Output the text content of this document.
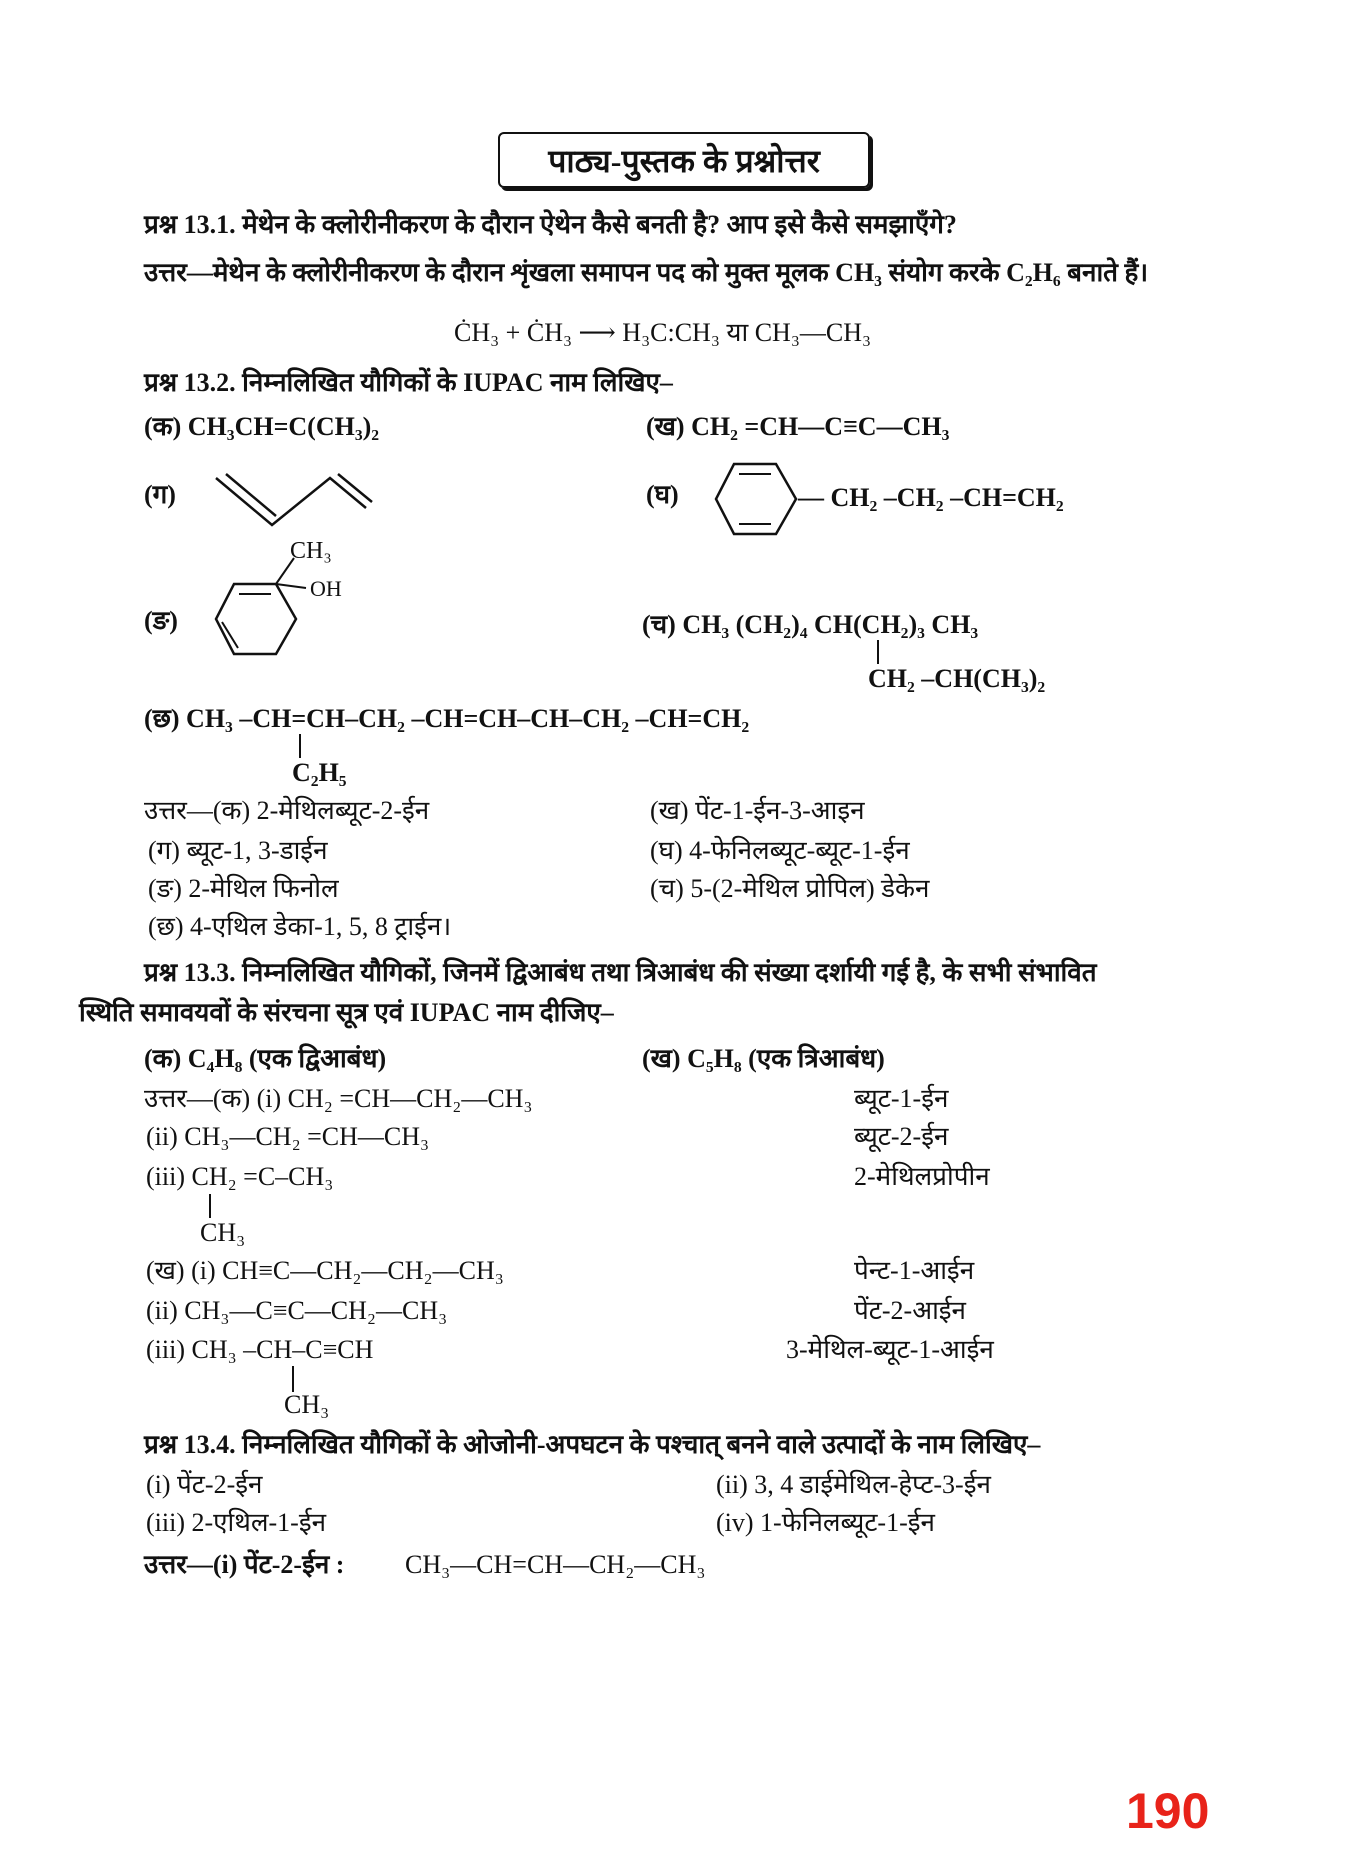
पाठ्य-पुस्तक के प्रश्नोत्तर
प्रश्न 13.1. मेथेन के क्लोरीनीकरण के दौरान ऐथेन कैसे बनती है? आप इसे कैसे समझाएँगे?
उत्तर—मेथेन के क्लोरीनीकरण के दौरान शृंखला समापन पद को मुक्त मूलक CH₃ संयोग करके C₂H₆ बनाते हैं।
ĊH₃ + ĊH₃ ⟶ H₃C:CH₃ या CH₃—CH₃
प्रश्न 13.2. निम्नलिखित यौगिकों के IUPAC नाम लिखिए–
(क) CH₃CH=C(CH₃)₂	(ख) CH₂ =CH—C≡C—CH₃
(ग)	(घ)	— CH₂ –CH₂ –CH=CH₂
(ङ)
CH₃
OH
(च) CH₃ (CH₂)₄ CH(CH₂)₃ CH₃
CH₂ –CH(CH₃)₂
(छ) CH₃ –CH=CH–CH₂ –CH=CH–CH–CH₂ –CH=CH₂
C₂H₅
उत्तर—(क) 2-मेथिलब्यूट-2-ईन	(ख) पेंट-1-ईन-3-आइन
(ग) ब्यूट-1, 3-डाईन	(घ) 4-फेनिलब्यूट-ब्यूट-1-ईन
(ङ) 2-मेथिल फिनोल	(च) 5-(2-मेथिल प्रोपिल) डेकेन
(छ) 4-एथिल डेका-1, 5, 8 ट्राईन।
प्रश्न 13.3. निम्नलिखित यौगिकों, जिनमें द्विआबंध तथा त्रिआबंध की संख्या दर्शायी गई है, के सभी संभावित
स्थिति समावयवों के संरचना सूत्र एवं IUPAC नाम दीजिए–
(क) C₄H₈ (एक द्विआबंध)	(ख) C₅H₈ (एक त्रिआबंध)
उत्तर—(क) (i) CH₂ =CH—CH₂—CH₃	ब्यूट-1-ईन
(ii) CH₃—CH₂ =CH—CH₃	ब्यूट-2-ईन
(iii) CH₂ =C–CH₃	2-मेथिलप्रोपीन
CH₃
(ख) (i) CH≡C—CH₂—CH₂—CH₃	पेन्ट-1-आईन
(ii) CH₃—C≡C—CH₂—CH₃	पेंट-2-आईन
(iii) CH₃ –CH–C≡CH	3-मेथिल-ब्यूट-1-आईन
CH₃
प्रश्न 13.4. निम्नलिखित यौगिकों के ओजोनी-अपघटन के पश्चात् बनने वाले उत्पादों के नाम लिखिए–
(i) पेंट-2-ईन	(ii) 3, 4 डाईमेथिल-हेप्ट-3-ईन
(iii) 2-एथिल-1-ईन	(iv) 1-फेनिलब्यूट-1-ईन
उत्तर—(i) पेंट-2-ईन : CH₃—CH=CH—CH₂—CH₃
190
